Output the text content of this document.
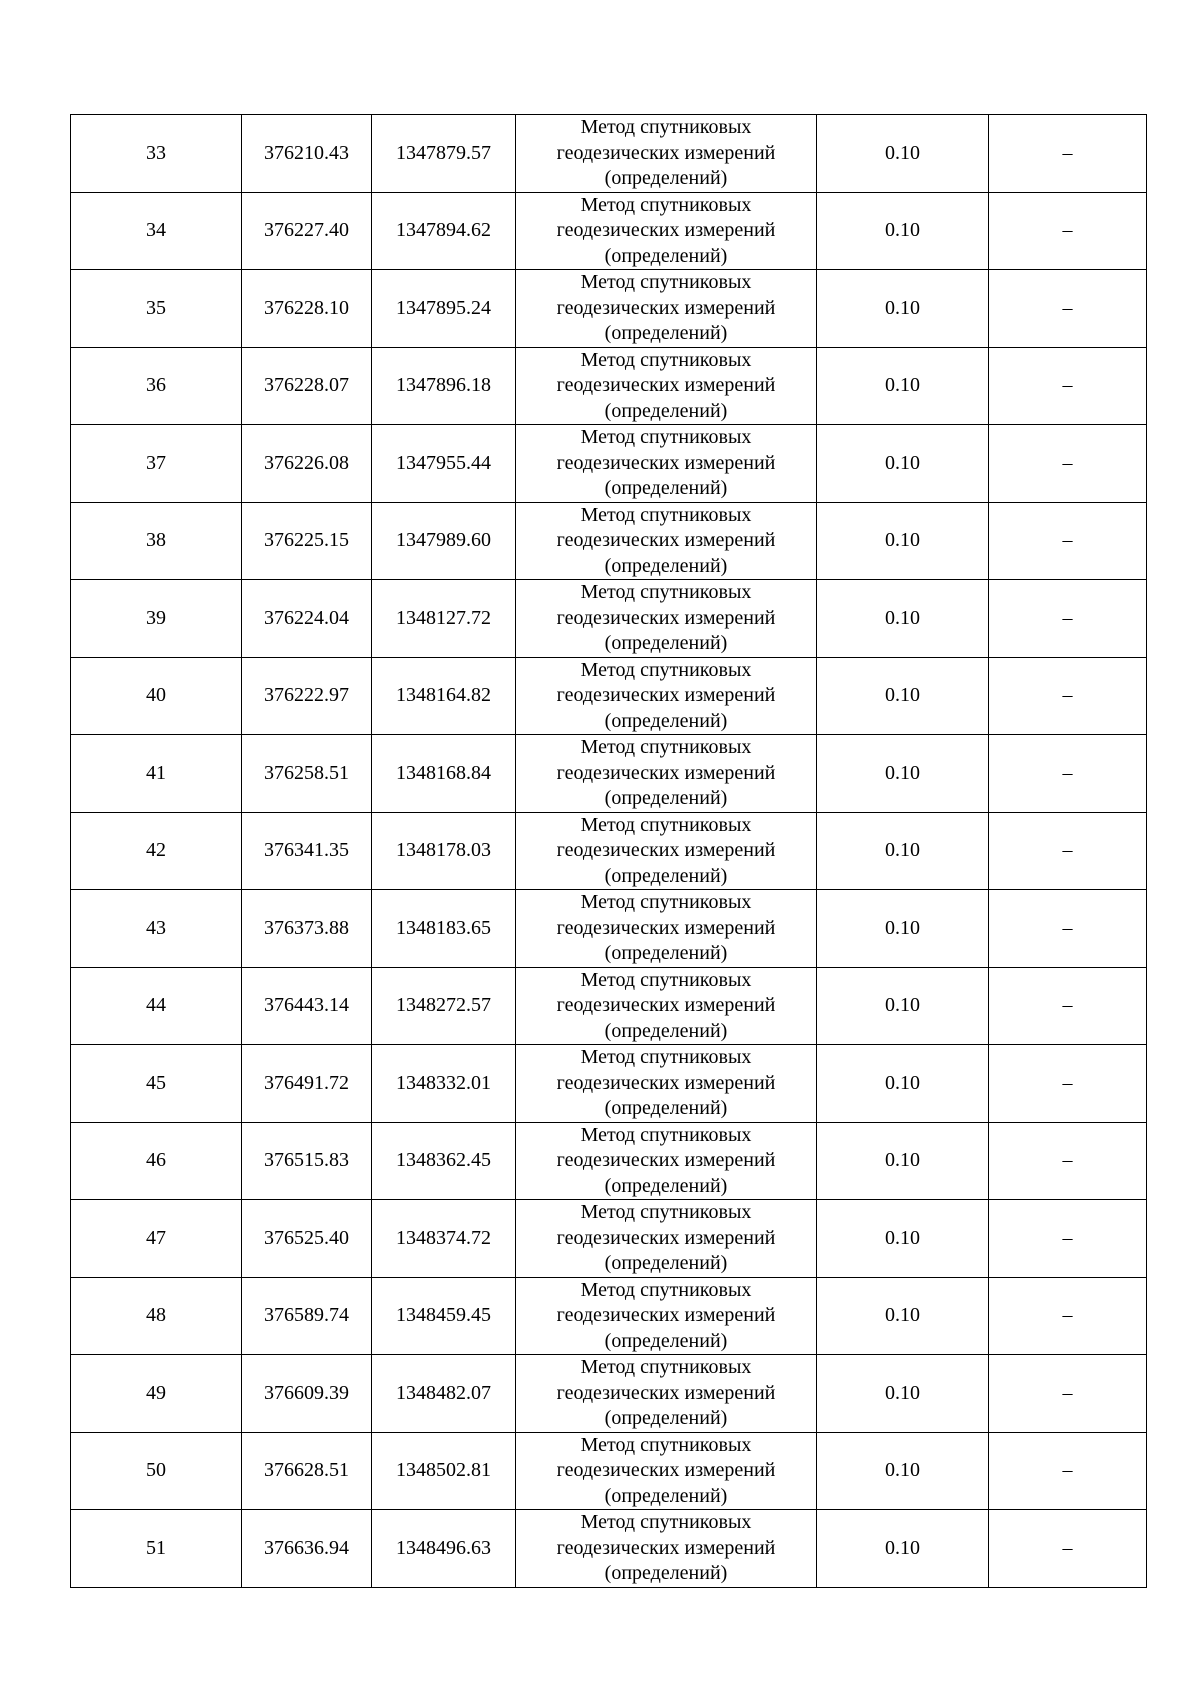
33	376210.43	1347879.57	Метод спутниковых геодезических измерений (определений)	0.10	–
34	376227.40	1347894.62	Метод спутниковых геодезических измерений (определений)	0.10	–
35	376228.10	1347895.24	Метод спутниковых геодезических измерений (определений)	0.10	–
36	376228.07	1347896.18	Метод спутниковых геодезических измерений (определений)	0.10	–
37	376226.08	1347955.44	Метод спутниковых геодезических измерений (определений)	0.10	–
38	376225.15	1347989.60	Метод спутниковых геодезических измерений (определений)	0.10	–
39	376224.04	1348127.72	Метод спутниковых геодезических измерений (определений)	0.10	–
40	376222.97	1348164.82	Метод спутниковых геодезических измерений (определений)	0.10	–
41	376258.51	1348168.84	Метод спутниковых геодезических измерений (определений)	0.10	–
42	376341.35	1348178.03	Метод спутниковых геодезических измерений (определений)	0.10	–
43	376373.88	1348183.65	Метод спутниковых геодезических измерений (определений)	0.10	–
44	376443.14	1348272.57	Метод спутниковых геодезических измерений (определений)	0.10	–
45	376491.72	1348332.01	Метод спутниковых геодезических измерений (определений)	0.10	–
46	376515.83	1348362.45	Метод спутниковых геодезических измерений (определений)	0.10	–
47	376525.40	1348374.72	Метод спутниковых геодезических измерений (определений)	0.10	–
48	376589.74	1348459.45	Метод спутниковых геодезических измерений (определений)	0.10	–
49	376609.39	1348482.07	Метод спутниковых геодезических измерений (определений)	0.10	–
50	376628.51	1348502.81	Метод спутниковых геодезических измерений (определений)	0.10	–
51	376636.94	1348496.63	Метод спутниковых геодезических измерений (определений)	0.10	–
